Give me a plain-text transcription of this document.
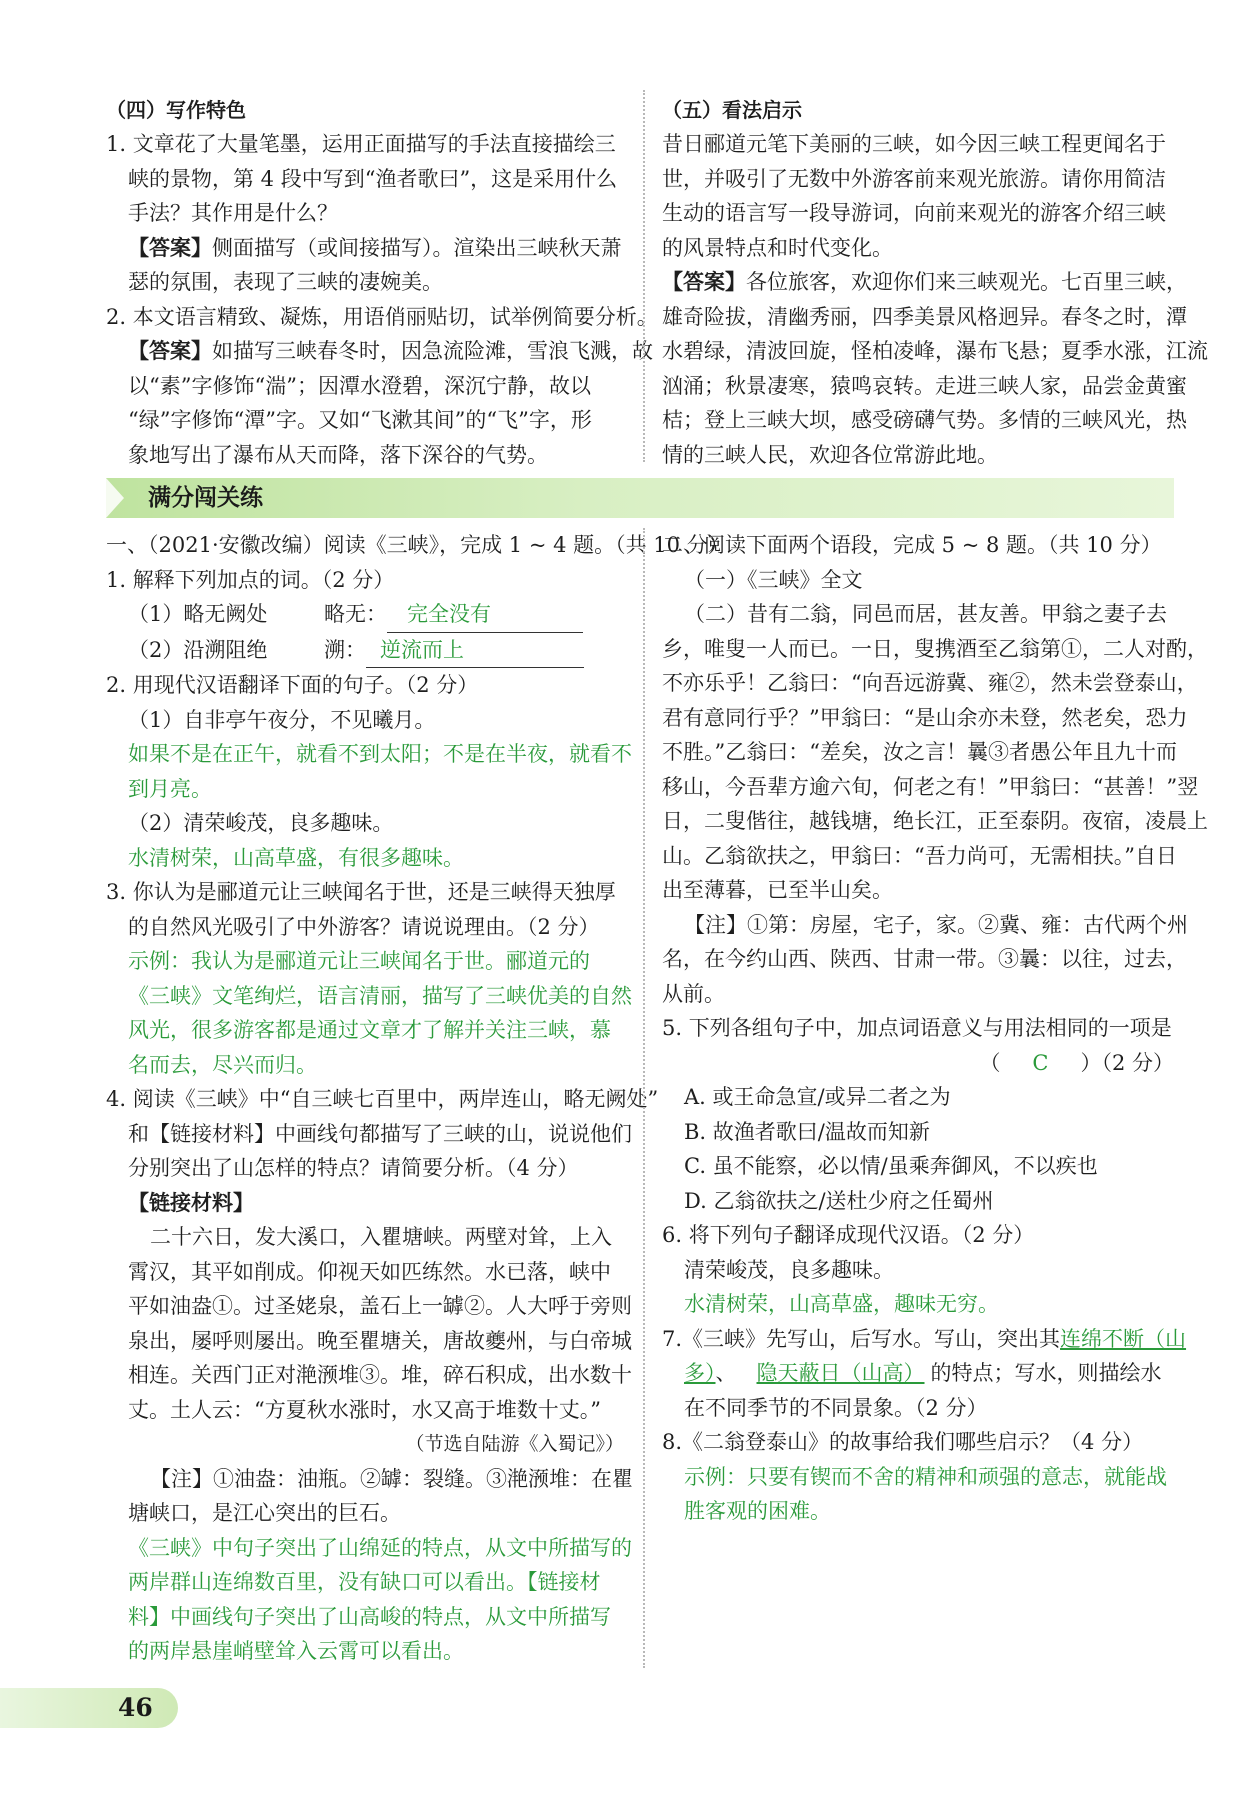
（四）写作特色
1. 文章花了大量笔墨，运用正面描写的手法直接描绘三
峡的景物，第 4 段中写到“渔者歌曰”，这是采用什么
手法？其作用是什么？
【答案】侧面描写（或间接描写）。渲染出三峡秋天萧
瑟的氛围，表现了三峡的凄婉美。
2. 本文语言精致、凝炼，用语俏丽贴切，试举例简要分析。
【答案】如描写三峡春冬时，因急流险滩，雪浪飞溅，故
以“素”字修饰“湍”；因潭水澄碧，深沉宁静，故以
“绿”字修饰“潭”字。又如“飞漱其间”的“飞”字，形
象地写出了瀑布从天而降，落下深谷的气势。
（五）看法启示
昔日郦道元笔下美丽的三峡，如今因三峡工程更闻名于
世，并吸引了无数中外游客前来观光旅游。请你用简洁
生动的语言写一段导游词，向前来观光的游客介绍三峡
的风景特点和时代变化。
【答案】各位旅客，欢迎你们来三峡观光。七百里三峡，
雄奇险拔，清幽秀丽，四季美景风格迥异。春冬之时，潭
水碧绿，清波回旋，怪柏凌峰，瀑布飞悬；夏季水涨，江流
汹涌；秋景凄寒，猿鸣哀转。走进三峡人家，品尝金黄蜜
桔；登上三峡大坝，感受磅礴气势。多情的三峡风光，热
情的三峡人民，欢迎各位常游此地。
满分闯关练
一、（2021·安徽改编）阅读《三峡》，完成 1 ~ 4 题。（共 10 分）
1. 解释下列加点的词。（2 分）
（1）略无阙处	略无： 完全没有
（2）沿溯阻绝	溯： 逆流而上
2. 用现代汉语翻译下面的句子。（2 分）
（1）自非亭午夜分，不见曦月。
如果不是在正午，就看不到太阳；不是在半夜，就看不
到月亮。
（2）清荣峻茂，良多趣味。
水清树荣，山高草盛，有很多趣味。
3. 你认为是郦道元让三峡闻名于世，还是三峡得天独厚
的自然风光吸引了中外游客？请说说理由。（2 分）
示例：我认为是郦道元让三峡闻名于世。郦道元的
《三峡》文笔绚烂，语言清丽，描写了三峡优美的自然
风光，很多游客都是通过文章才了解并关注三峡，慕
名而去，尽兴而归。
4. 阅读《三峡》中“自三峡七百里中，两岸连山，略无阙处”
和【链接材料】中画线句都描写了三峡的山，说说他们
分别突出了山怎样的特点？请简要分析。（4 分）
【链接材料】
二十六日，发大溪口，入瞿塘峡。两壁对耸，上入
霄汉，其平如削成。仰视天如匹练然。水已落，峡中
平如油盎①。过圣姥泉，盖石上一罅②。人大呼于旁则
泉出，屡呼则屡出。晚至瞿塘关，唐故夔州，与白帝城
相连。关西门正对滟滪堆③。堆，碎石积成，出水数十
丈。土人云：“方夏秋水涨时，水又高于堆数十丈。”
（节选自陆游《入蜀记》）
【注】①油盎：油瓶。②罅：裂缝。③滟滪堆：在瞿
塘峡口，是江心突出的巨石。
《三峡》中句子突出了山绵延的特点，从文中所描写的
两岸群山连绵数百里，没有缺口可以看出。【链接材
料】中画线句子突出了山高峻的特点，从文中所描写
的两岸悬崖峭壁耸入云霄可以看出。
二、阅读下面两个语段，完成 5 ~ 8 题。（共 10 分）
（一）《三峡》全文
（二）昔有二翁，同邑而居，甚友善。甲翁之妻子去
乡，唯叟一人而已。一日，叟携酒至乙翁第①，二人对酌，
不亦乐乎！乙翁曰：“向吾远游冀、雍②，然未尝登泰山，
君有意同行乎？”甲翁曰：“是山余亦未登，然老矣，恐力
不胜。”乙翁曰：“差矣，汝之言！曩③者愚公年且九十而
移山，今吾辈方逾六旬，何老之有！”甲翁曰：“甚善！”翌
日，二叟偕往，越钱塘，绝长江，正至泰阴。夜宿，凌晨上
山。乙翁欲扶之，甲翁曰：“吾力尚可，无需相扶。”自日
出至薄暮，已至半山矣。
【注】①第：房屋，宅子，家。②冀、雍：古代两个州
名，在今约山西、陕西、甘肃一带。③曩：以往，过去，
从前。
5. 下列各组句子中，加点词语意义与用法相同的一项是
（ C ）（2 分）
A. 或王命急宣/或异二者之为
B. 故渔者歌曰/温故而知新
C. 虽不能察，必以情/虽乘奔御风，不以疾也
D. 乙翁欲扶之/送杜少府之任蜀州
6. 将下列句子翻译成现代汉语。（2 分）
清荣峻茂，良多趣味。
水清树荣，山高草盛，趣味无穷。
7.《三峡》先写山，后写水。写山，突出其连绵不断（山
多）、 隐天蔽日（山高） 的特点；写水，则描绘水
在不同季节的不同景象。（2 分）
8.《二翁登泰山》的故事给我们哪些启示？（4 分）
示例：只要有锲而不舍的精神和顽强的意志，就能战
胜客观的困难。
46
